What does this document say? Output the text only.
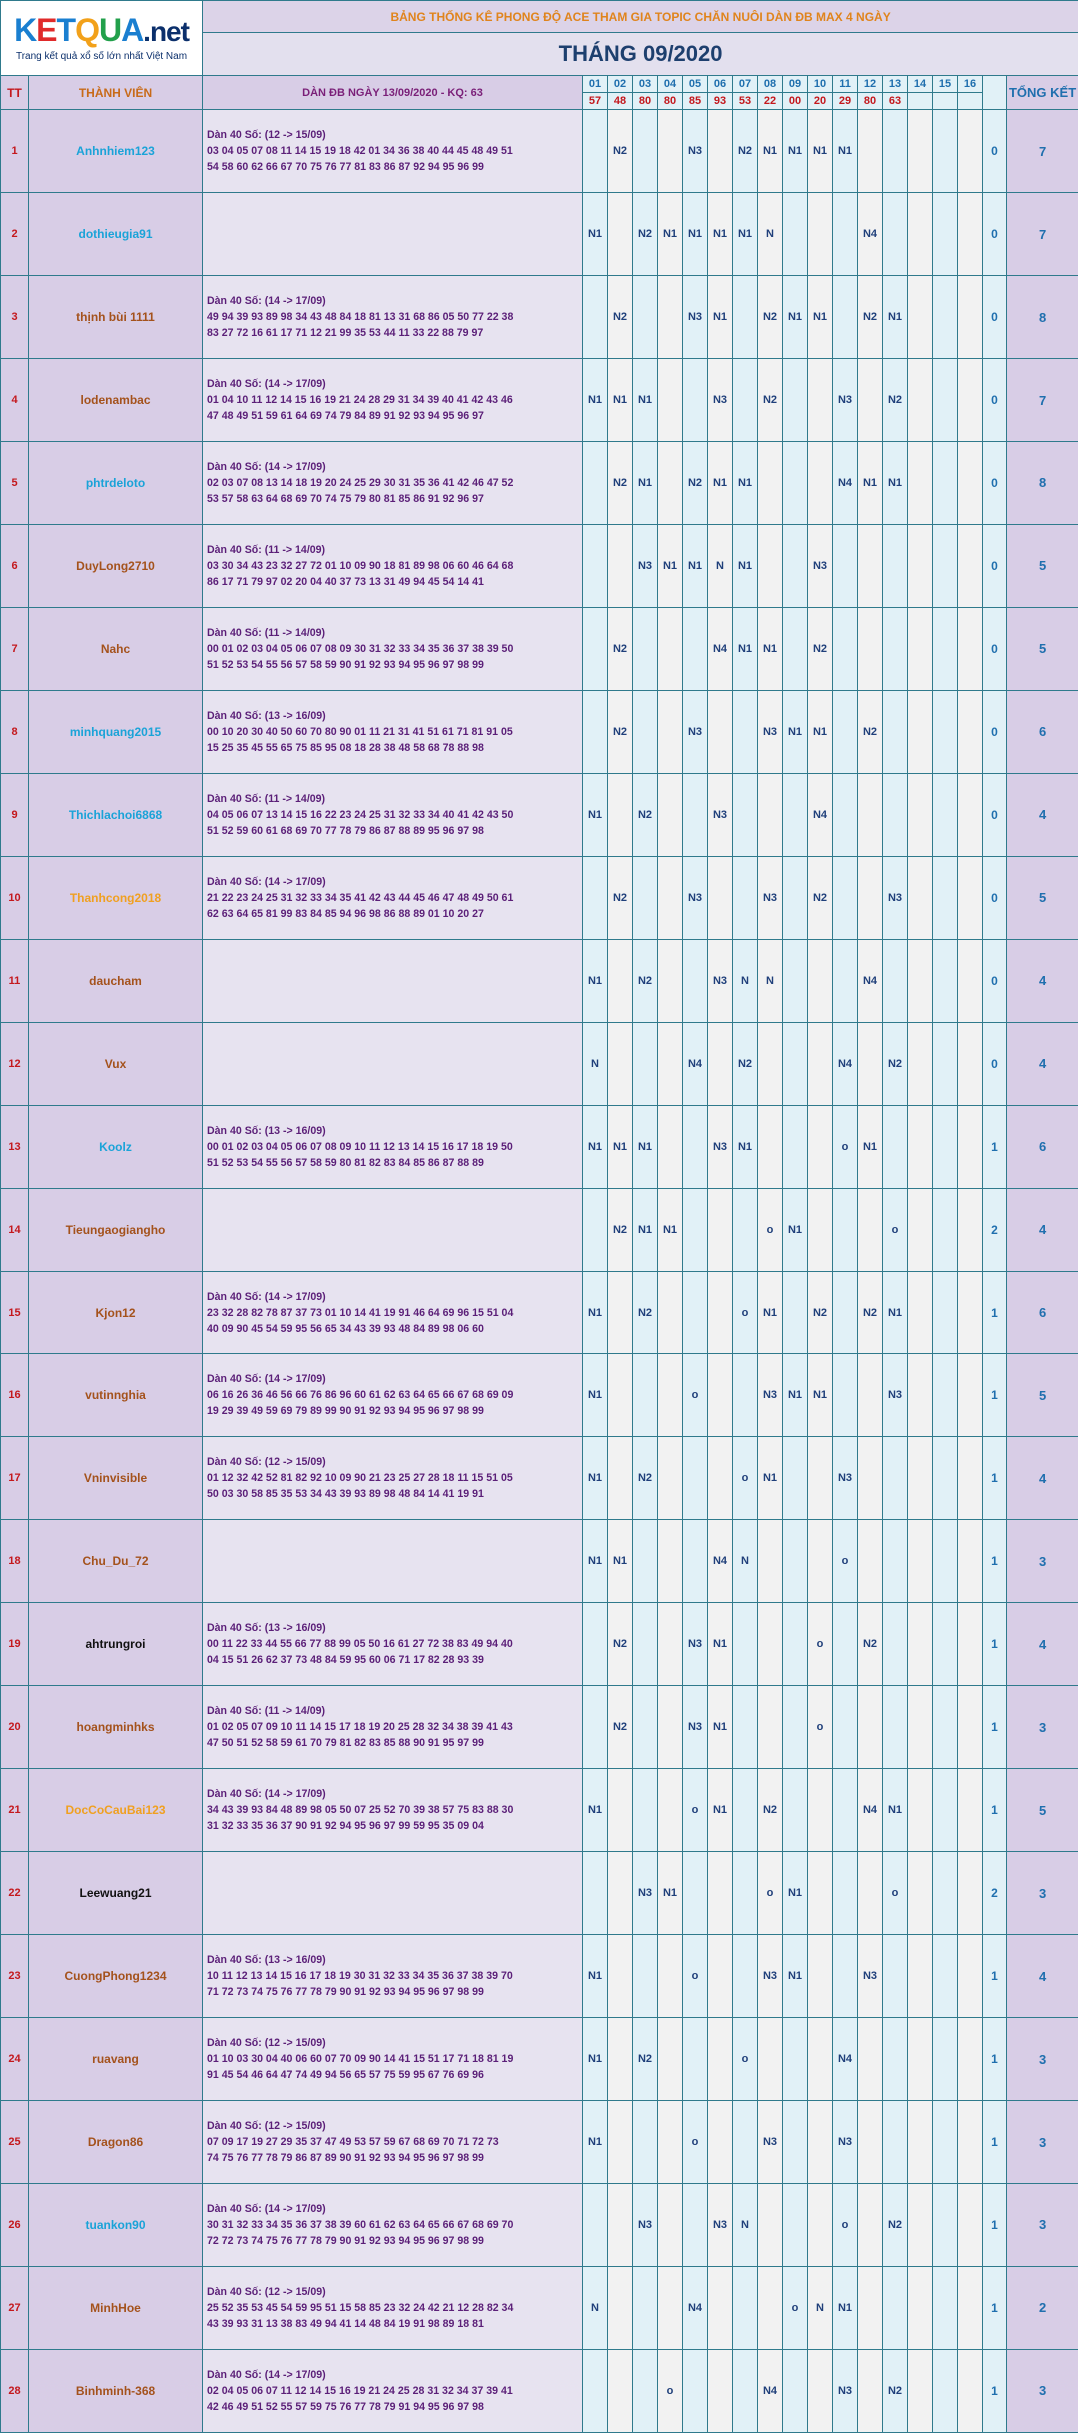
KETQUA.net
Trang kết quả xổ số lớn nhất Việt Nam		BẢNG THỐNG KÊ PHONG ĐỘ ACE THAM GIA TOPIC CHĂN NUÔI DÀN ĐB MAX 4 NGÀY																		
		THÁNG 09/2020																		
TT	THÀNH VIÊN	DÀN ĐB NGÀY 13/09/2020 - KQ: 63	01	02	03	04	05	06	07	08	09	10	11	12	13	14	15	16		TỔNG KẾT
			57	48	80	80	85	93	53	22	00	20	29	80	63					
1	Anhnhiem123	Dàn 40 Số: (12 -> 15/09)
03 04 05 07 08 11 14 15 19 18 42 01 34 36 38 40 44 45 48 49 51
54 58 60 62 66 67 70 75 76 77 81 83 86 87 92 94 95 96 99		N2			N3		N2	N1	N1	N1	N1						0	7
2	dothieugia91		N1		N2	N1	N1	N1	N1	N				N4					0	7
3	thịnh bùi 1111	Dàn 40 Số: (14 -> 17/09)
49 94 39 93 89 98 34 43 48 84 18 81 13 31 68 86 05 50 77 22 38
83 27 72 16 61 17 71 12 21 99 35 53 44 11 33 22 88 79 97		N2			N3	N1		N2	N1	N1		N2	N1				0	8
4	lodenambac	Dàn 40 Số: (14 -> 17/09)
01 04 10 11 12 14 15 16 19 21 24 28 29 31 34 39 40 41 42 43 46
47 48 49 51 59 61 64 69 74 79 84 89 91 92 93 94 95 96 97	N1	N1	N1			N3		N2			N3		N2				0	7
5	phtrdeloto	Dàn 40 Số: (14 -> 17/09)
02 03 07 08 13 14 18 19 20 24 25 29 30 31 35 36 41 42 46 47 52
53 57 58 63 64 68 69 70 74 75 79 80 81 85 86 91 92 96 97		N2	N1		N2	N1	N1				N4	N1	N1				0	8
6	DuyLong2710	Dàn 40 Số: (11 -> 14/09)
03 30 34 43 23 32 27 72 01 10 09 90 18 81 89 98 06 60 46 64 68
86 17 71 79 97 02 20 04 40 37 73 13 31 49 94 45 54 14 41			N3	N1	N1	N	N1			N3							0	5
7	Nahc	Dàn 40 Số: (11 -> 14/09)
00 01 02 03 04 05 06 07 08 09 30 31 32 33 34 35 36 37 38 39 50
51 52 53 54 55 56 57 58 59 90 91 92 93 94 95 96 97 98 99		N2				N4	N1	N1		N2							0	5
8	minhquang2015	Dàn 40 Số: (13 -> 16/09)
00 10 20 30 40 50 60 70 80 90 01 11 21 31 41 51 61 71 81 91 05
15 25 35 45 55 65 75 85 95 08 18 28 38 48 58 68 78 88 98		N2			N3			N3	N1	N1		N2					0	6
9	Thichlachoi6868	Dàn 40 Số: (11 -> 14/09)
04 05 06 07 13 14 15 16 22 23 24 25 31 32 33 34 40 41 42 43 50
51 52 59 60 61 68 69 70 77 78 79 86 87 88 89 95 96 97 98	N1		N2			N3				N4							0	4
10	Thanhcong2018	Dàn 40 Số: (14 -> 17/09)
21 22 23 24 25 31 32 33 34 35 41 42 43 44 45 46 47 48 49 50 61
62 63 64 65 81 99 83 84 85 94 96 98 86 88 89 01 10 20 27		N2			N3			N3		N2			N3				0	5
11	daucham		N1		N2			N3	N	N				N4					0	4
12	Vux		N				N4		N2				N4		N2				0	4
13	Koolz	Dàn 40 Số: (13 -> 16/09)
00 01 02 03 04 05 06 07 08 09 10 11 12 13 14 15 16 17 18 19 50
51 52 53 54 55 56 57 58 59 80 81 82 83 84 85 86 87 88 89	N1	N1	N1			N3	N1				o	N1					1	6
14	Tieungaogiangho			N2	N1	N1				o	N1				o				2	4
15	Kjon12	Dàn 40 Số: (14 -> 17/09)
23 32 28 82 78 87 37 73 01 10 14 41 19 91 46 64 69 96 15 51 04
40 09 90 45 54 59 95 56 65 34 43 39 93 48 84 89 98 06 60	N1		N2				o	N1		N2		N2	N1				1	6
16	vutinnghia	Dàn 40 Số: (14 -> 17/09)
06 16 26 36 46 56 66 76 86 96 60 61 62 63 64 65 66 67 68 69 09
19 29 39 49 59 69 79 89 99 90 91 92 93 94 95 96 97 98 99	N1				o			N3	N1	N1			N3				1	5
17	Vninvisible	Dàn 40 Số: (12 -> 15/09)
01 12 32 42 52 81 82 92 10 09 90 21 23 25 27 28 18 11 15 51 05
50 03 30 58 85 35 53 34 43 39 93 89 98 48 84 14 41 19 91	N1		N2				o	N1			N3						1	4
18	Chu_Du_72		N1	N1				N4	N				o						1	3
19	ahtrungroi	Dàn 40 Số: (13 -> 16/09)
00 11 22 33 44 55 66 77 88 99 05 50 16 61 27 72 38 83 49 94 40
04 15 51 26 62 37 73 48 84 59 95 60 06 71 17 82 28 93 39		N2			N3	N1				o		N2					1	4
20	hoangminhks	Dàn 40 Số: (11 -> 14/09)
01 02 05 07 09 10 11 14 15 17 18 19 20 25 28 32 34 38 39 41 43
47 50 51 52 58 59 61 70 79 81 82 83 85 88 90 91 95 97 99		N2			N3	N1				o							1	3
21	DocCoCauBai123	Dàn 40 Số: (14 -> 17/09)
34 43 39 93 84 48 89 98 05 50 07 25 52 70 39 38 57 75 83 88 30
31 32 33 35 36 37 90 91 92 94 95 96 97 99 59 95 35 09 04	N1				o	N1		N2				N4	N1				1	5
22	Leewuang21				N3	N1				o	N1				o				2	3
23	CuongPhong1234	Dàn 40 Số: (13 -> 16/09)
10 11 12 13 14 15 16 17 18 19 30 31 32 33 34 35 36 37 38 39 70
71 72 73 74 75 76 77 78 79 90 91 92 93 94 95 96 97 98 99	N1				o			N3	N1			N3					1	4
24	ruavang	Dàn 40 Số: (12 -> 15/09)
01 10 03 30 04 40 06 60 07 70 09 90 14 41 15 51 17 71 18 81 19
91 45 54 46 64 47 74 49 94 56 65 57 75 59 95 67 76 69 96	N1		N2				o				N4						1	3
25	Dragon86	Dàn 40 Số: (12 -> 15/09)
07 09 17 19 27 29 35 37 47 49 53 57 59 67 68 69 70 71 72 73
74 75 76 77 78 79 86 87 89 90 91 92 93 94 95 96 97 98 99	N1				o			N3			N3						1	3
26	tuankon90	Dàn 40 Số: (14 -> 17/09)
30 31 32 33 34 35 36 37 38 39 60 61 62 63 64 65 66 67 68 69 70
72 72 73 74 75 76 77 78 79 90 91 92 93 94 95 96 97 98 99			N3			N3	N				o		N2				1	3
27	MinhHoe	Dàn 40 Số: (12 -> 15/09)
25 52 35 53 45 54 59 95 51 15 58 85 23 32 24 42 21 12 28 82 34
43 39 93 31 13 38 83 49 94 41 14 48 84 19 91 98 89 18 81	N				N4				o	N	N1						1	2
28	Binhminh-368	Dàn 40 Số: (14 -> 17/09)
02 04 05 06 07 11 12 14 15 16 19 21 24 25 28 31 32 34 37 39 41
42 46 49 51 52 55 57 59 75 76 77 78 79 91 94 95 96 97 98				o				N4			N3		N2				1	3
